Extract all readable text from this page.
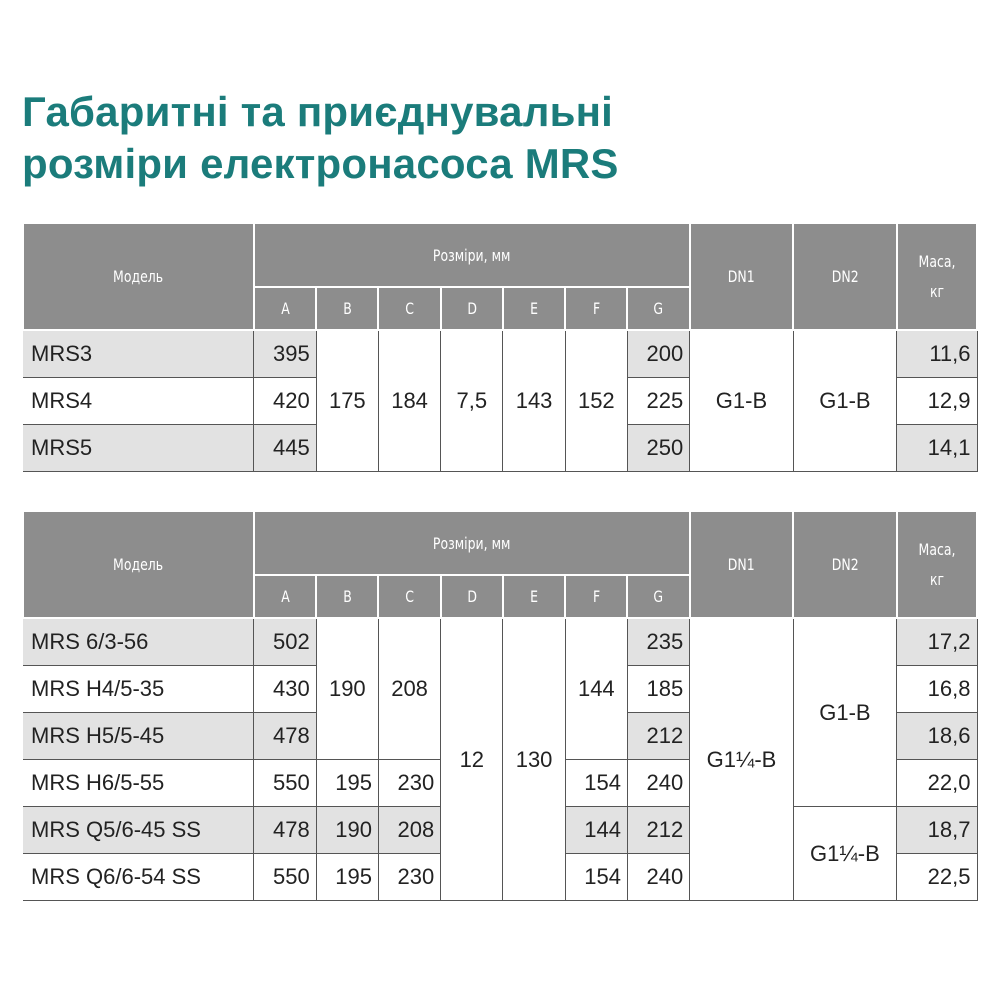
Габаритні та приєднувальні
розміри електронасоса MRS
Модель	Розміри, мм							DN1	DN2	Маса, кг
	A	B	C	D	E	F	G			
MRS3	395	175	184	7,5	143	152	200	G1-B	G1-B	11,6
MRS4	420						225			12,9
MRS5	445						250			14,1
Модель	Розміри, мм							DN1	DN2	Маса, кг
	A	B	C	D	E	F	G			
MRS 6/3-56	502	190	208	12	130	144	235	G1¼-B	G1-B	17,2
MRS H4/5-35	430						185			16,8
MRS H5/5-45	478						212			18,6
MRS H6/5-55	550	195	230			154	240			22,0
MRS Q5/6-45 SS	478	190	208			144	212		G1¼-B	18,7
MRS Q6/6-54 SS	550	195	230			154	240			22,5
